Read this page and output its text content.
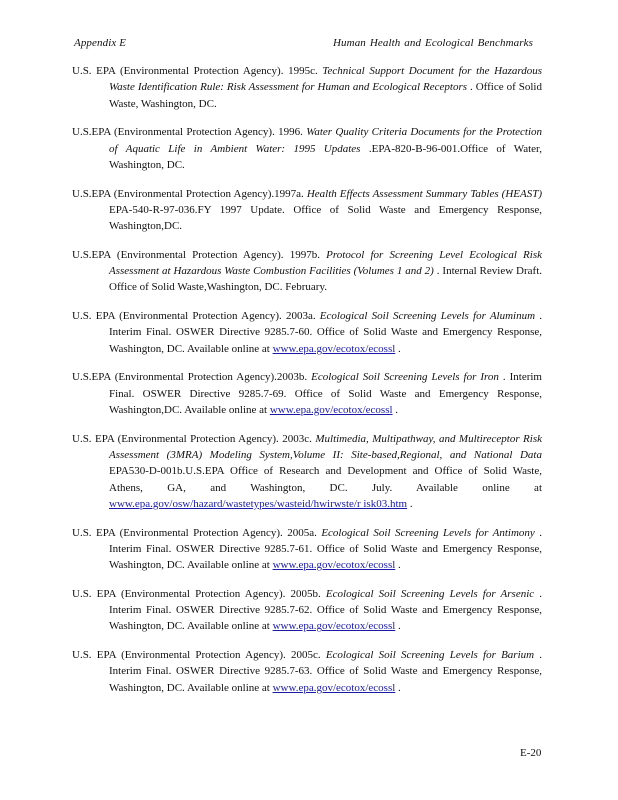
Appendix E	Human Health and Ecological Benchmarks

U.S. EPA (Environmental Protection Agency). 1995c. Technical Support Document for the Hazardous Waste Identification Rule: Risk Assessment for Human and Ecological Receptors . Office of Solid Waste, Washington, DC.

U.S.EPA (Environmental Protection Agency). 1996. Water Quality Criteria Documents for the Protection of Aquatic Life in Ambient Water: 1995 Updates .EPA-820-B-96-001.Office of Water, Washington, DC.

U.S.EPA (Environmental Protection Agency).1997a. Health Effects Assessment Summary Tables (HEAST) EPA-540-R-97-036.FY 1997 Update. Office of Solid Waste and Emergency Response, Washington,DC.

U.S.EPA (Environmental Protection Agency). 1997b. Protocol for Screening Level Ecological Risk Assessment at Hazardous Waste Combustion Facilities (Volumes 1 and 2) . Internal Review Draft. Office of Solid Waste,Washington, DC. February.

U.S. EPA (Environmental Protection Agency). 2003a. Ecological Soil Screening Levels for Aluminum . Interim Final. OSWER Directive 9285.7-60. Office of Solid Waste and Emergency Response, Washington, DC. Available online at www.epa.gov/ecotox/ecossl .

U.S.EPA (Environmental Protection Agency).2003b. Ecological Soil Screening Levels for Iron . Interim Final. OSWER Directive 9285.7-69. Office of Solid Waste and Emergency Response, Washington,DC. Available online at www.epa.gov/ecotox/ecossl .

U.S. EPA (Environmental Protection Agency). 2003c. Multimedia, Multipathway, and Multireceptor Risk Assessment (3MRA) Modeling System,Volume II: Site-based,Regional, and National Data EPA530-D-001b.U.S.EPA Office of Research and Development and Office of Solid Waste, Athens, GA, and Washington, DC. July. Available online at www.epa.gov/osw/hazard/wastetypes/wasteid/hwirwste/r isk03.htm .

U.S. EPA (Environmental Protection Agency). 2005a. Ecological Soil Screening Levels for Antimony . Interim Final. OSWER Directive 9285.7-61. Office of Solid Waste and Emergency Response, Washington, DC. Available online at www.epa.gov/ecotox/ecossl .

U.S. EPA (Environmental Protection Agency). 2005b. Ecological Soil Screening Levels for Arsenic . Interim Final. OSWER Directive 9285.7-62. Office of Solid Waste and Emergency Response, Washington, DC. Available online at www.epa.gov/ecotox/ecossl .

U.S. EPA (Environmental Protection Agency). 2005c. Ecological Soil Screening Levels for Barium . Interim Final. OSWER Directive 9285.7-63. Office of Solid Waste and Emergency Response, Washington, DC. Available online at www.epa.gov/ecotox/ecossl .

E-20
